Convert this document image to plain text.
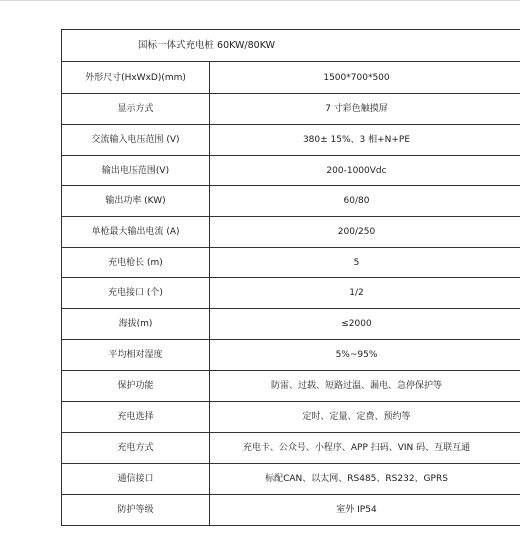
国标一体式充电桩 60KW/80KW	
外形尺寸(HxWxD)(mm)	1500*700*500
显示方式	7 寸彩色触摸屏
交流输入电压范围 (V)	380± 15%、3 相+N+PE
输出电压范围(V)	200-1000Vdc
输出功率 (KW)	60/80
单枪最大输出电流 (A)	200/250
充电枪长 (m)	5
充电接口 (个)	1/2
海拔(m)	≤2000
平均相对湿度	5%~95%
保护功能	防雷、过载、短路过温、漏电、急停保护等
充电选择	定时、定量、定费、预约等
充电方式	充电卡、公众号、小程序、APP 扫码、VIN 码、互联互通
通信接口	标配CAN、以太网、RS485、RS232、GPRS
防护等级	室外 IP54
